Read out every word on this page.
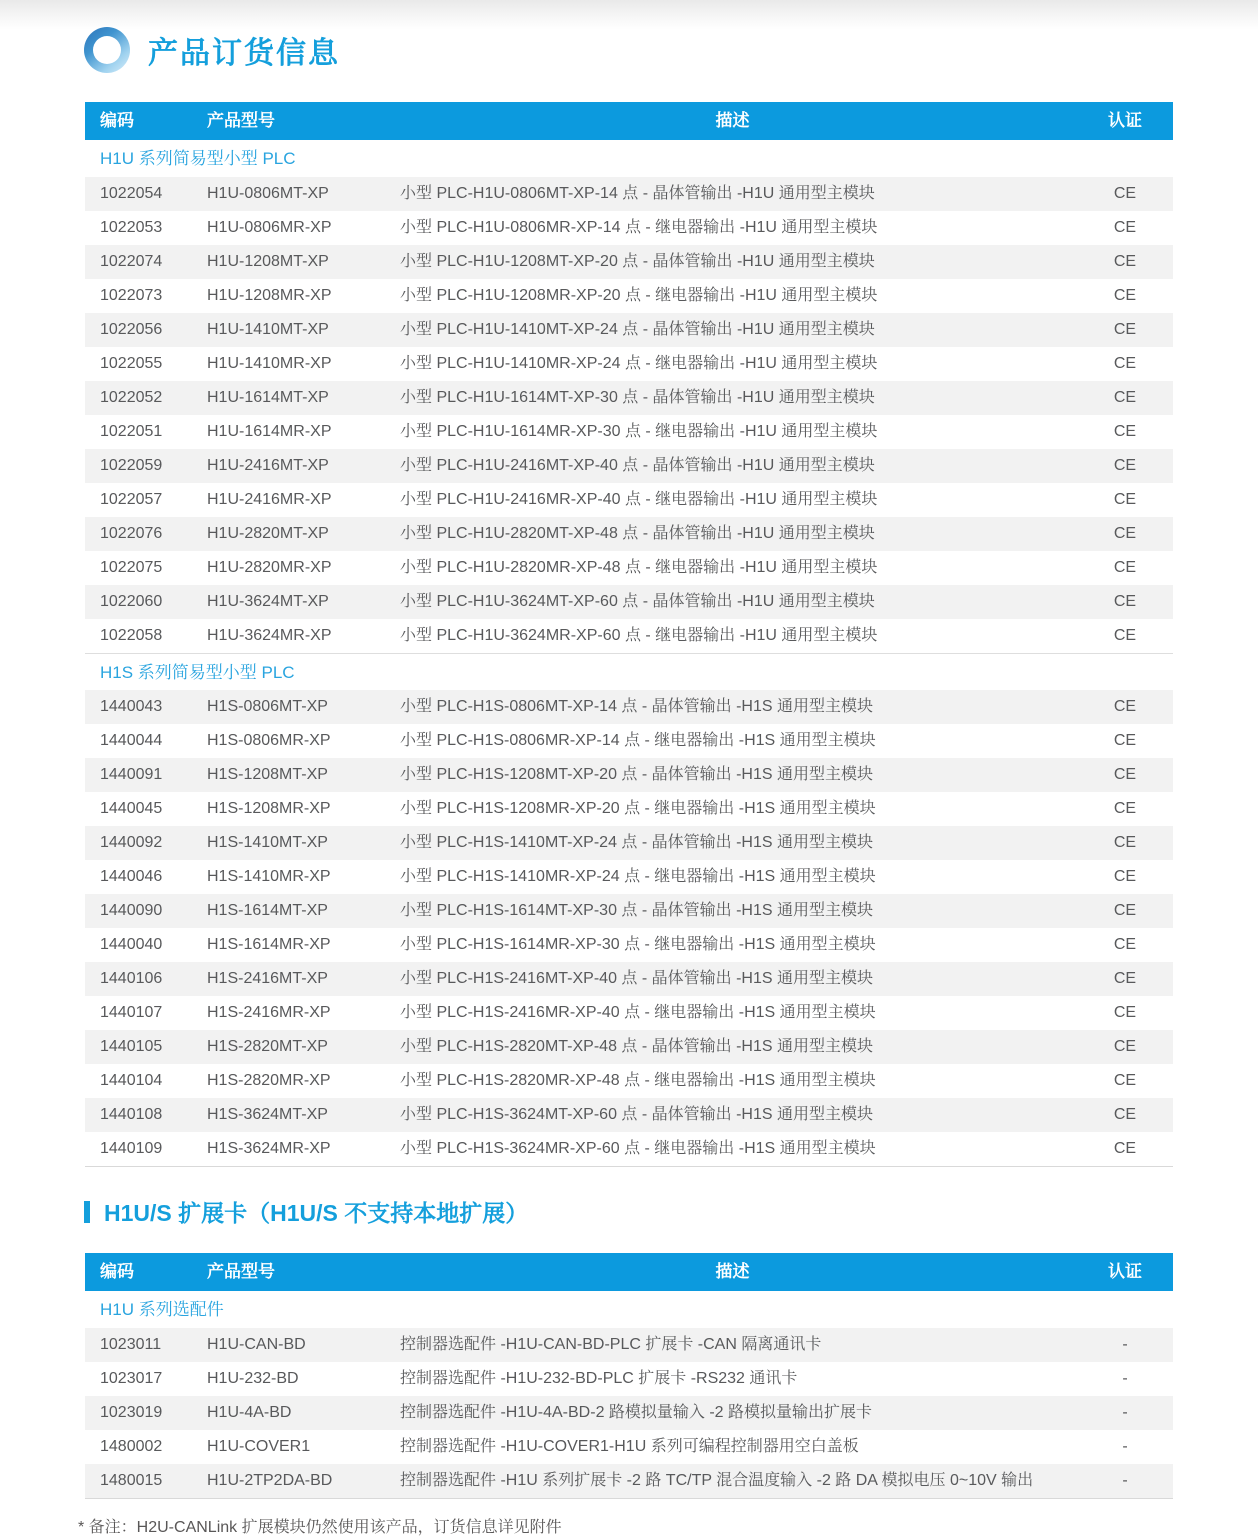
产品订货信息
编码	产品型号	描述	认证
H1U 系列简易型小型 PLC
1022054	H1U-0806MT-XP	小型 PLC-H1U-0806MT-XP-14 点 - 晶体管输出 -H1U 通用型主模块	CE
1022053	H1U-0806MR-XP	小型 PLC-H1U-0806MR-XP-14 点 - 继电器输出 -H1U 通用型主模块	CE
1022074	H1U-1208MT-XP	小型 PLC-H1U-1208MT-XP-20 点 - 晶体管输出 -H1U 通用型主模块	CE
1022073	H1U-1208MR-XP	小型 PLC-H1U-1208MR-XP-20 点 - 继电器输出 -H1U 通用型主模块	CE
1022056	H1U-1410MT-XP	小型 PLC-H1U-1410MT-XP-24 点 - 晶体管输出 -H1U 通用型主模块	CE
1022055	H1U-1410MR-XP	小型 PLC-H1U-1410MR-XP-24 点 - 继电器输出 -H1U 通用型主模块	CE
1022052	H1U-1614MT-XP	小型 PLC-H1U-1614MT-XP-30 点 - 晶体管输出 -H1U 通用型主模块	CE
1022051	H1U-1614MR-XP	小型 PLC-H1U-1614MR-XP-30 点 - 继电器输出 -H1U 通用型主模块	CE
1022059	H1U-2416MT-XP	小型 PLC-H1U-2416MT-XP-40 点 - 晶体管输出 -H1U 通用型主模块	CE
1022057	H1U-2416MR-XP	小型 PLC-H1U-2416MR-XP-40 点 - 继电器输出 -H1U 通用型主模块	CE
1022076	H1U-2820MT-XP	小型 PLC-H1U-2820MT-XP-48 点 - 晶体管输出 -H1U 通用型主模块	CE
1022075	H1U-2820MR-XP	小型 PLC-H1U-2820MR-XP-48 点 - 继电器输出 -H1U 通用型主模块	CE
1022060	H1U-3624MT-XP	小型 PLC-H1U-3624MT-XP-60 点 - 晶体管输出 -H1U 通用型主模块	CE
1022058	H1U-3624MR-XP	小型 PLC-H1U-3624MR-XP-60 点 - 继电器输出 -H1U 通用型主模块	CE
H1S 系列简易型小型 PLC
1440043	H1S-0806MT-XP	小型 PLC-H1S-0806MT-XP-14 点 - 晶体管输出 -H1S 通用型主模块	CE
1440044	H1S-0806MR-XP	小型 PLC-H1S-0806MR-XP-14 点 - 继电器输出 -H1S 通用型主模块	CE
1440091	H1S-1208MT-XP	小型 PLC-H1S-1208MT-XP-20 点 - 晶体管输出 -H1S 通用型主模块	CE
1440045	H1S-1208MR-XP	小型 PLC-H1S-1208MR-XP-20 点 - 继电器输出 -H1S 通用型主模块	CE
1440092	H1S-1410MT-XP	小型 PLC-H1S-1410MT-XP-24 点 - 晶体管输出 -H1S 通用型主模块	CE
1440046	H1S-1410MR-XP	小型 PLC-H1S-1410MR-XP-24 点 - 继电器输出 -H1S 通用型主模块	CE
1440090	H1S-1614MT-XP	小型 PLC-H1S-1614MT-XP-30 点 - 晶体管输出 -H1S 通用型主模块	CE
1440040	H1S-1614MR-XP	小型 PLC-H1S-1614MR-XP-30 点 - 继电器输出 -H1S 通用型主模块	CE
1440106	H1S-2416MT-XP	小型 PLC-H1S-2416MT-XP-40 点 - 晶体管输出 -H1S 通用型主模块	CE
1440107	H1S-2416MR-XP	小型 PLC-H1S-2416MR-XP-40 点 - 继电器输出 -H1S 通用型主模块	CE
1440105	H1S-2820MT-XP	小型 PLC-H1S-2820MT-XP-48 点 - 晶体管输出 -H1S 通用型主模块	CE
1440104	H1S-2820MR-XP	小型 PLC-H1S-2820MR-XP-48 点 - 继电器输出 -H1S 通用型主模块	CE
1440108	H1S-3624MT-XP	小型 PLC-H1S-3624MT-XP-60 点 - 晶体管输出 -H1S 通用型主模块	CE
1440109	H1S-3624MR-XP	小型 PLC-H1S-3624MR-XP-60 点 - 继电器输出 -H1S 通用型主模块	CE
H1U/S 扩展卡（H1U/S 不支持本地扩展）
编码	产品型号	描述	认证
H1U 系列选配件
1023011	H1U-CAN-BD	控制器选配件 -H1U-CAN-BD-PLC 扩展卡 -CAN 隔离通讯卡	-
1023017	H1U-232-BD	控制器选配件 -H1U-232-BD-PLC 扩展卡 -RS232 通讯卡	-
1023019	H1U-4A-BD	控制器选配件 -H1U-4A-BD-2 路模拟量输入 -2 路模拟量输出扩展卡	-
1480002	H1U-COVER1	控制器选配件 -H1U-COVER1-H1U 系列可编程控制器用空白盖板	-
1480015	H1U-2TP2DA-BD	控制器选配件 -H1U 系列扩展卡 -2 路 TC/TP 混合温度输入 -2 路 DA 模拟电压 0~10V 输出	-

* 备注：H2U-CANLink 扩展模块仍然使用该产品，订货信息详见附件
